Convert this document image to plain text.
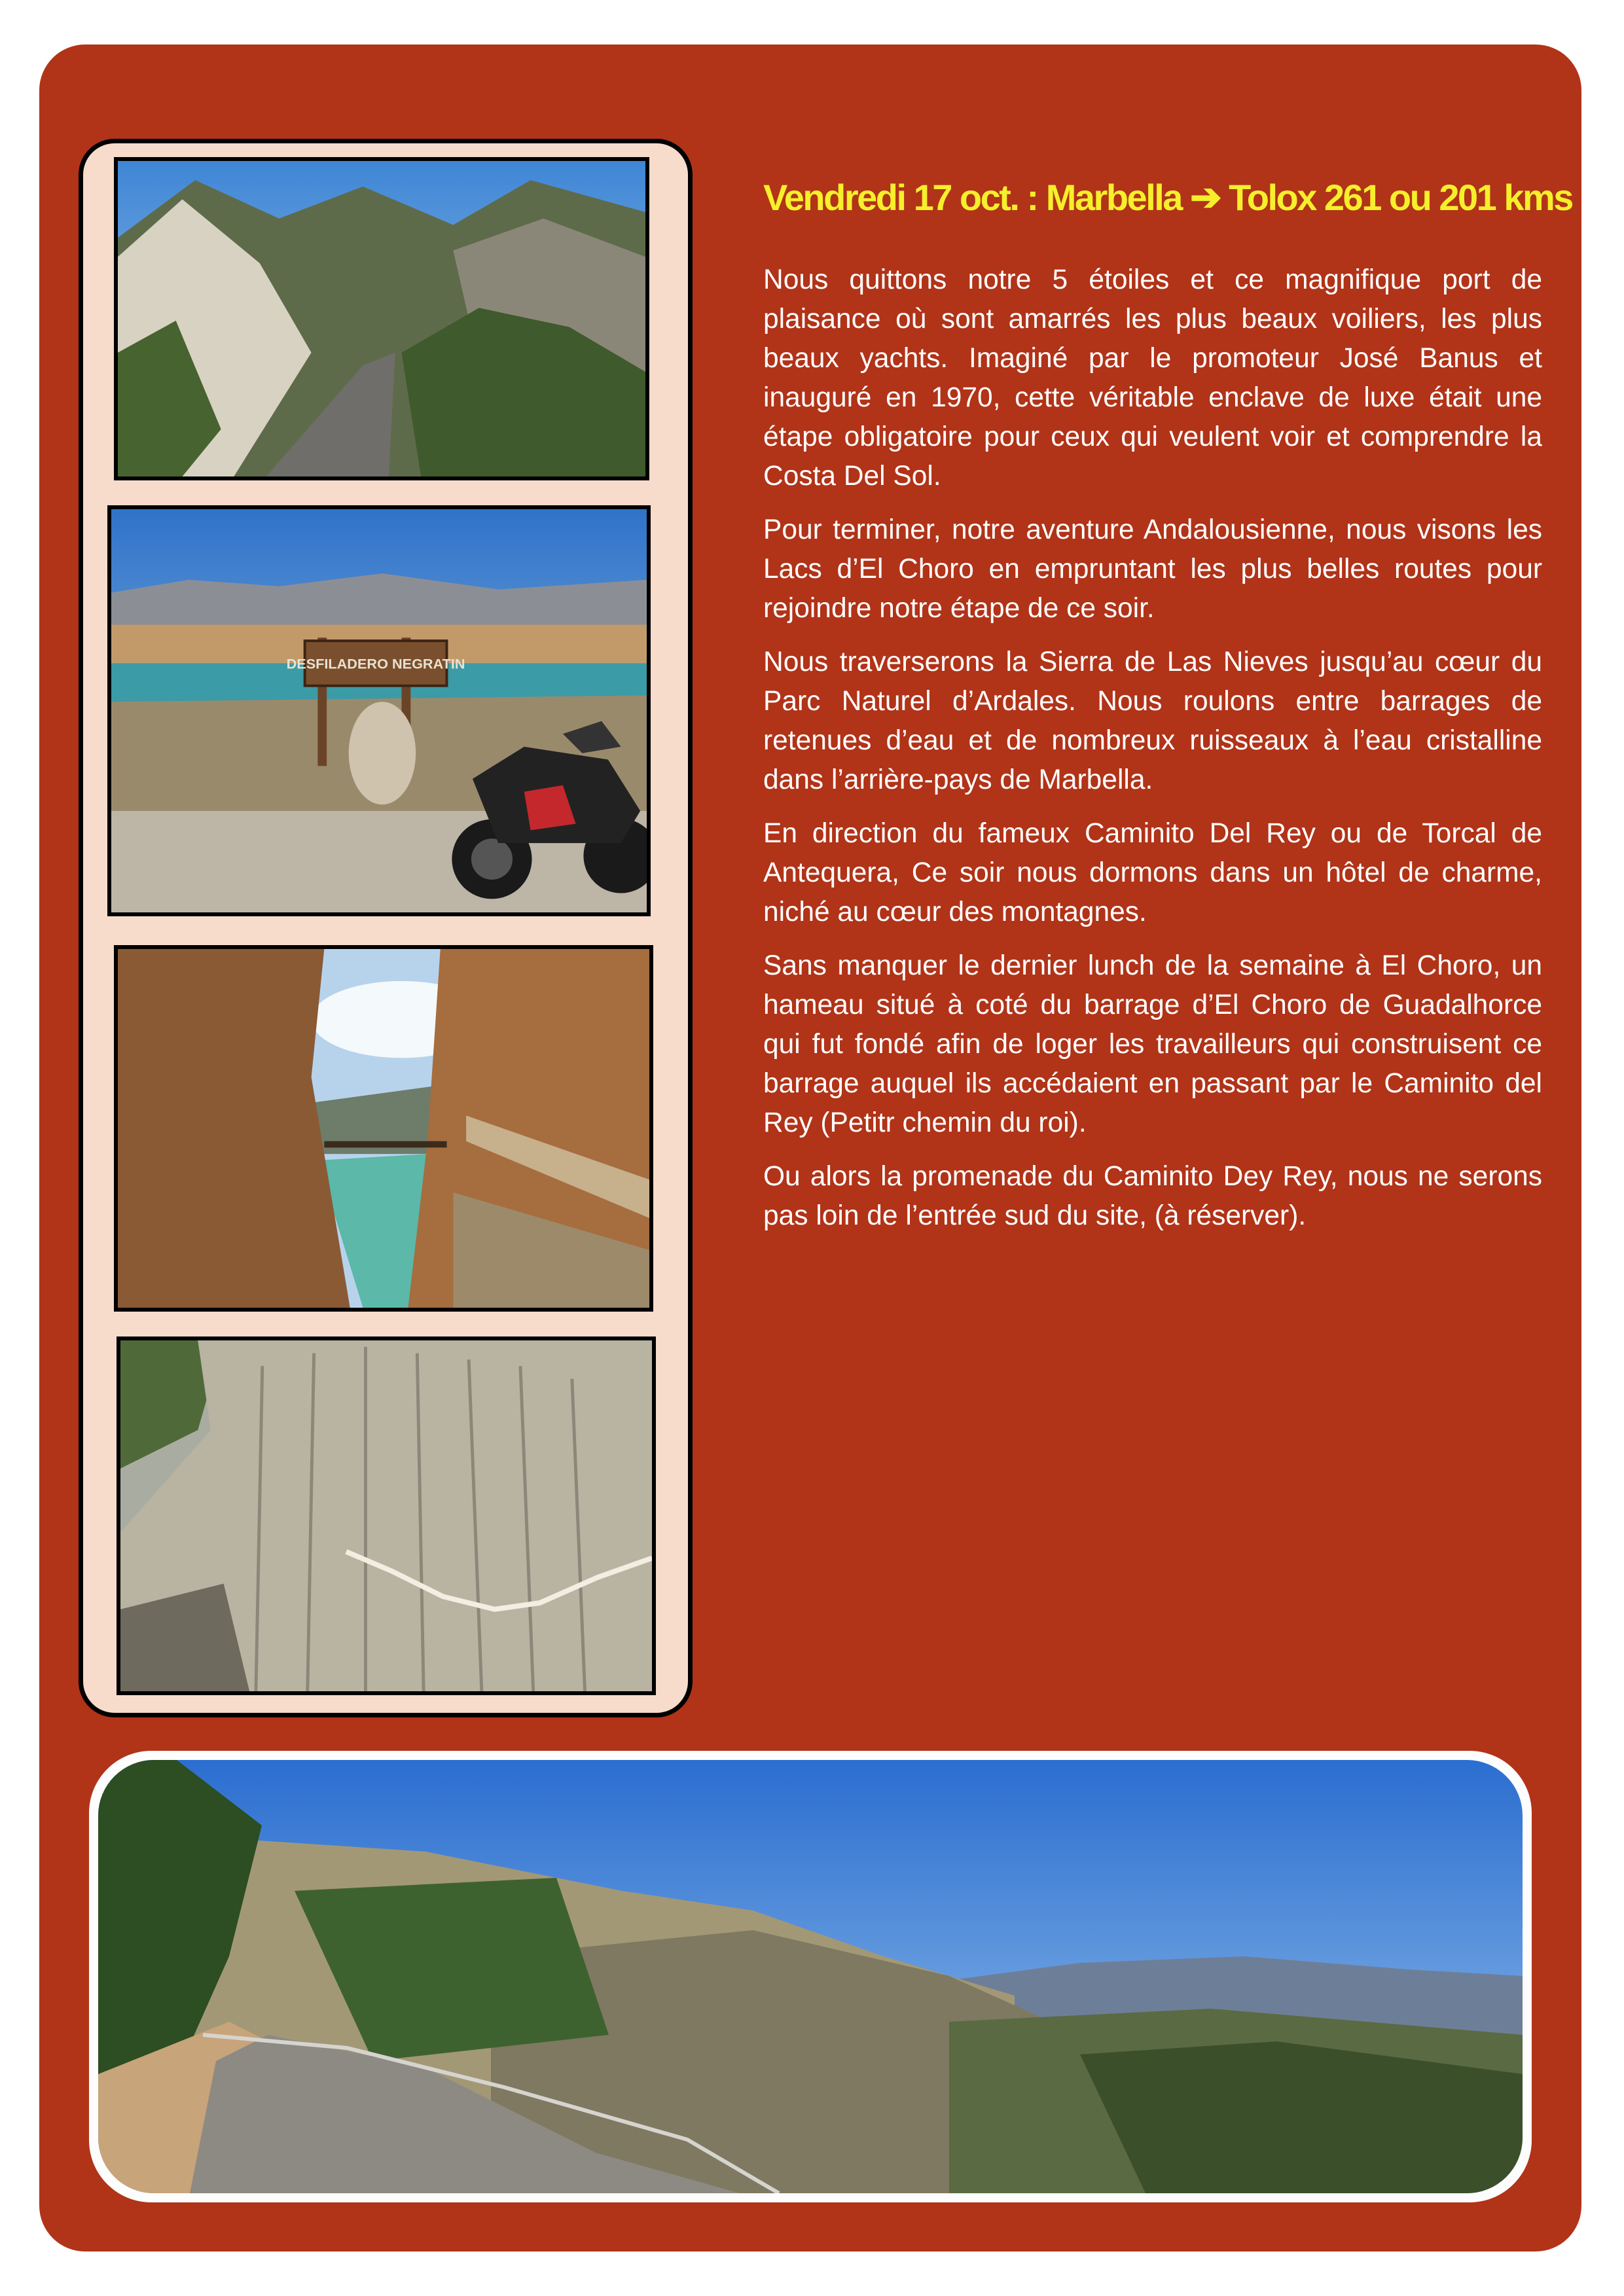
DESFILADERO NEGRATIN
Vendredi 17 oct. : Marbella ➔ Tolox 261 ou 201 kms

Nous quittons notre 5 étoiles et ce magnifique port de plaisance où sont amarrés les plus beaux voiliers, les plus beaux yachts. Imaginé par le promoteur José Banus et inauguré en 1970, cette véritable enclave de luxe était une étape obligatoire pour ceux qui veulent voir et comprendre la Costa Del Sol.

Pour terminer, notre aventure Andalousienne, nous visons les Lacs d’El Choro en empruntant les plus belles routes pour rejoindre notre étape de ce soir.

Nous traverserons la Sierra de Las Nieves jusqu’au cœur du Parc Naturel d’Ardales. Nous roulons entre barrages de retenues d’eau et de nombreux ruisseaux à l’eau cristalline dans l’arrière-pays de Marbella.

En direction du fameux Caminito Del Rey ou de Torcal de Antequera, Ce soir nous dormons dans un hôtel de charme, niché au cœur des montagnes.

Sans manquer le dernier lunch de la semaine à El Choro, un hameau situé à coté du barrage d’El Choro de Guadalhorce qui fut fondé afin de loger les travailleurs qui construisent ce barrage auquel ils accédaient en passant par le Caminito del Rey (Petitr chemin du roi).

Ou alors la promenade du Caminito Dey Rey, nous ne serons pas loin de l’entrée sud du site, (à réserver).
